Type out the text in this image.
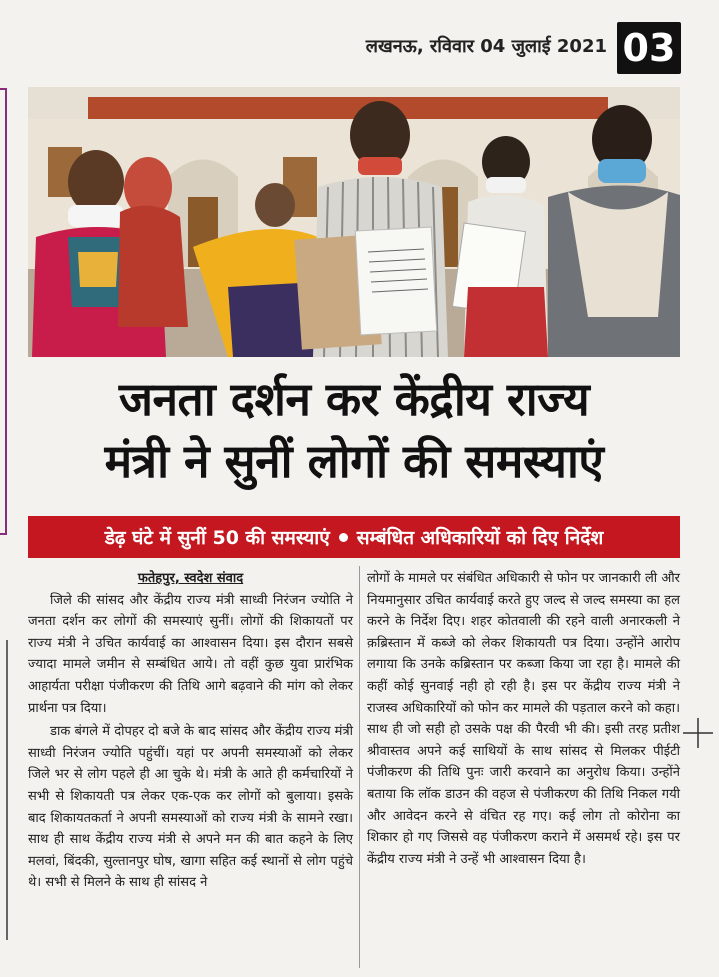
लखनऊ, रविवार 04 जुलाई 2021 03
जनता दर्शन कर केंद्रीय राज्य
मंत्री ने सुनीं लोगों की समस्याएं
डेढ़ घंटे में सुनीं 50 की समस्याएं सम्बंधित अधिकारियों को दिए निर्देश
फतेहपुर, स्वदेश संवाद

जिले की सांसद और केंद्रीय राज्य मंत्री साध्वी निरंजन ज्योति ने जनता दर्शन कर लोगों की समस्याएं सुनीं। लोगों की शिकायतों पर राज्य मंत्री ने उचित कार्यवाई का आश्वासन दिया। इस दौरान सबसे ज्यादा मामले जमीन से सम्बंधित आये। तो वहीं कुछ युवा प्रारंभिक आहार्यता परीक्षा पंजीकरण की तिथि आगे बढ़वाने की मांग को लेकर प्रार्थना पत्र दिया।

डाक बंगले में दोपहर दो बजे के बाद सांसद और केंद्रीय राज्य मंत्री साध्वी निरंजन ज्योति पहुंचीं। यहां पर अपनी समस्याओं को लेकर जिले भर से लोग पहले ही आ चुके थे। मंत्री के आते ही कर्मचारियों ने सभी से शिकायती पत्र लेकर एक-एक कर लोगों को बुलाया। इसके बाद शिकायतकर्ता ने अपनी समस्याओं को राज्य मंत्री के सामने रखा। साथ ही साथ केंद्रीय राज्य मंत्री से अपने मन की बात कहने के लिए मलवां, बिंदकी, सुल्तानपुर घोष, खागा सहित कई स्थानों से लोग पहुंचे थे। सभी से मिलने के साथ ही सांसद ने

लोगों के मामले पर संबंधित अधिकारी से फोन पर जानकारी ली और नियमानुसार उचित कार्यवाई करते हुए जल्द से जल्द समस्या का हल करने के निर्देश दिए। शहर कोतवाली की रहने वाली अनारकली ने क़ब्रिस्तान में कब्जे को लेकर शिकायती पत्र दिया। उन्होंने आरोप लगाया कि उनके कब्रिस्तान पर कब्जा किया जा रहा है। मामले की कहीं कोई सुनवाई नही हो रही है। इस पर केंद्रीय राज्य मंत्री ने राजस्व अधिकारियों को फोन कर मामले की पड़ताल करने को कहा। साथ ही जो सही हो उसके पक्ष की पैरवी भी की। इसी तरह प्रतीश श्रीवास्तव अपने कई साथियों के साथ सांसद से मिलकर पीईटी पंजीकरण की तिथि पुनः जारी करवाने का अनुरोध किया। उन्होंने बताया कि लॉक डाउन की वहज से पंजीकरण की तिथि निकल गयी और आवेदन करने से वंचित रह गए। कई लोग तो कोरोना का शिकार हो गए जिससे वह पंजीकरण कराने में असमर्थ रहे। इस पर केंद्रीय राज्य मंत्री ने उन्हें भी आश्वासन दिया है।
